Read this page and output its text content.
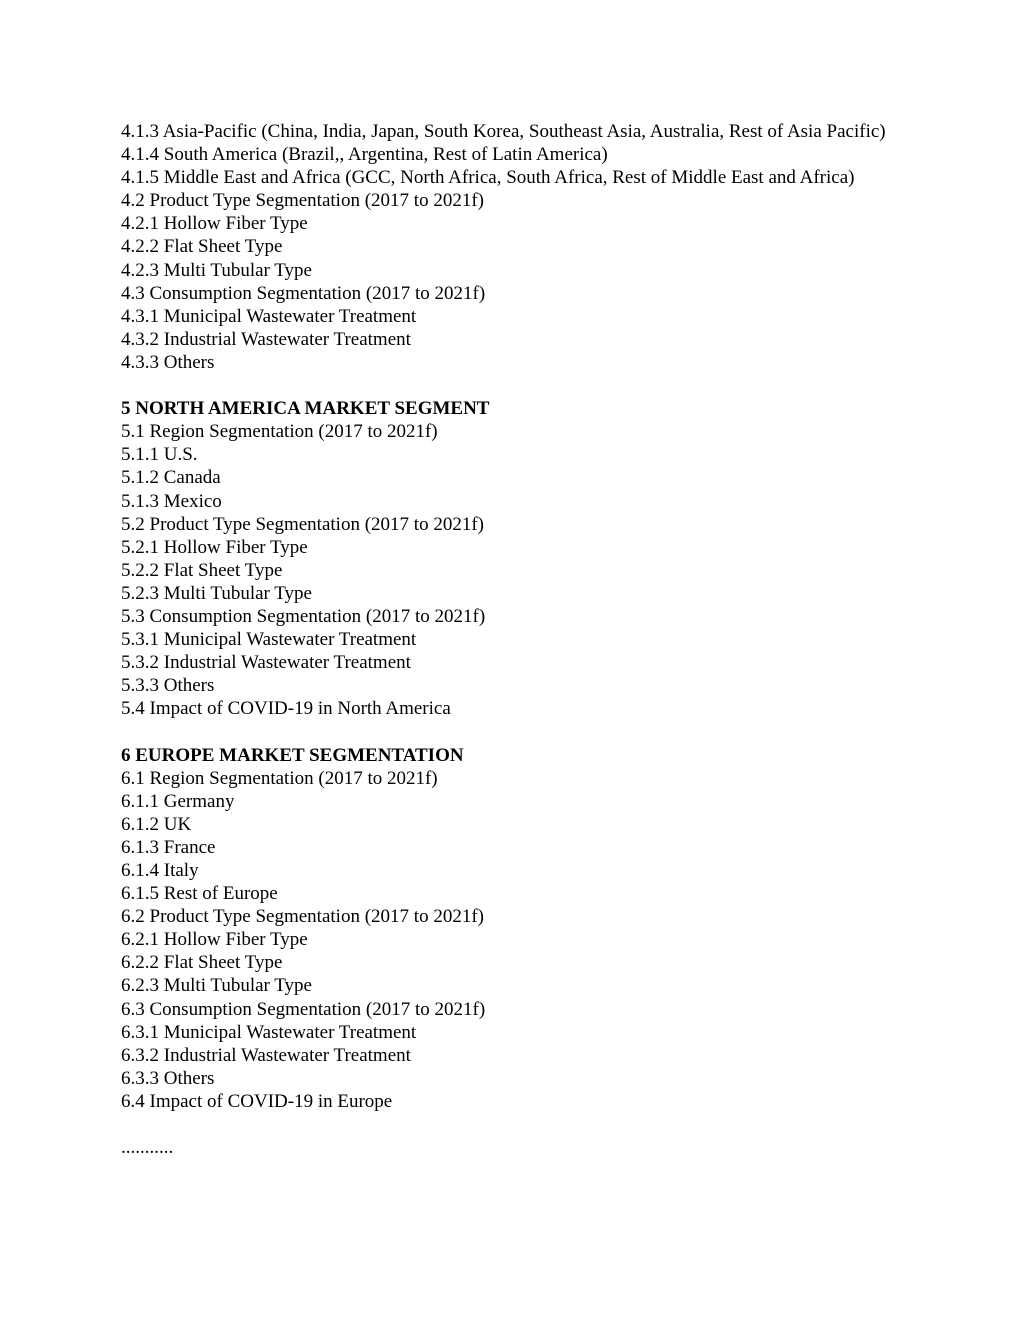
4.1.3 Asia-Pacific (China, India, Japan, South Korea, Southeast Asia, Australia, Rest of Asia Pacific)
4.1.4 South America (Brazil,, Argentina, Rest of Latin America)
4.1.5 Middle East and Africa (GCC, North Africa, South Africa, Rest of Middle East and Africa)
4.2 Product Type Segmentation (2017 to 2021f)
4.2.1 Hollow Fiber Type
4.2.2 Flat Sheet Type
4.2.3 Multi Tubular Type
4.3 Consumption Segmentation (2017 to 2021f)
4.3.1 Municipal Wastewater Treatment
4.3.2 Industrial Wastewater Treatment
4.3.3 Others
5 NORTH AMERICA MARKET SEGMENT
5.1 Region Segmentation (2017 to 2021f)
5.1.1 U.S.
5.1.2 Canada
5.1.3 Mexico
5.2 Product Type Segmentation (2017 to 2021f)
5.2.1 Hollow Fiber Type
5.2.2 Flat Sheet Type
5.2.3 Multi Tubular Type
5.3 Consumption Segmentation (2017 to 2021f)
5.3.1 Municipal Wastewater Treatment
5.3.2 Industrial Wastewater Treatment
5.3.3 Others
5.4 Impact of COVID-19 in North America
6 EUROPE MARKET SEGMENTATION
6.1 Region Segmentation (2017 to 2021f)
6.1.1 Germany
6.1.2 UK
6.1.3 France
6.1.4 Italy
6.1.5 Rest of Europe
6.2 Product Type Segmentation (2017 to 2021f)
6.2.1 Hollow Fiber Type
6.2.2 Flat Sheet Type
6.2.3 Multi Tubular Type
6.3 Consumption Segmentation (2017 to 2021f)
6.3.1 Municipal Wastewater Treatment
6.3.2 Industrial Wastewater Treatment
6.3.3 Others
6.4 Impact of COVID-19 in Europe
...........
